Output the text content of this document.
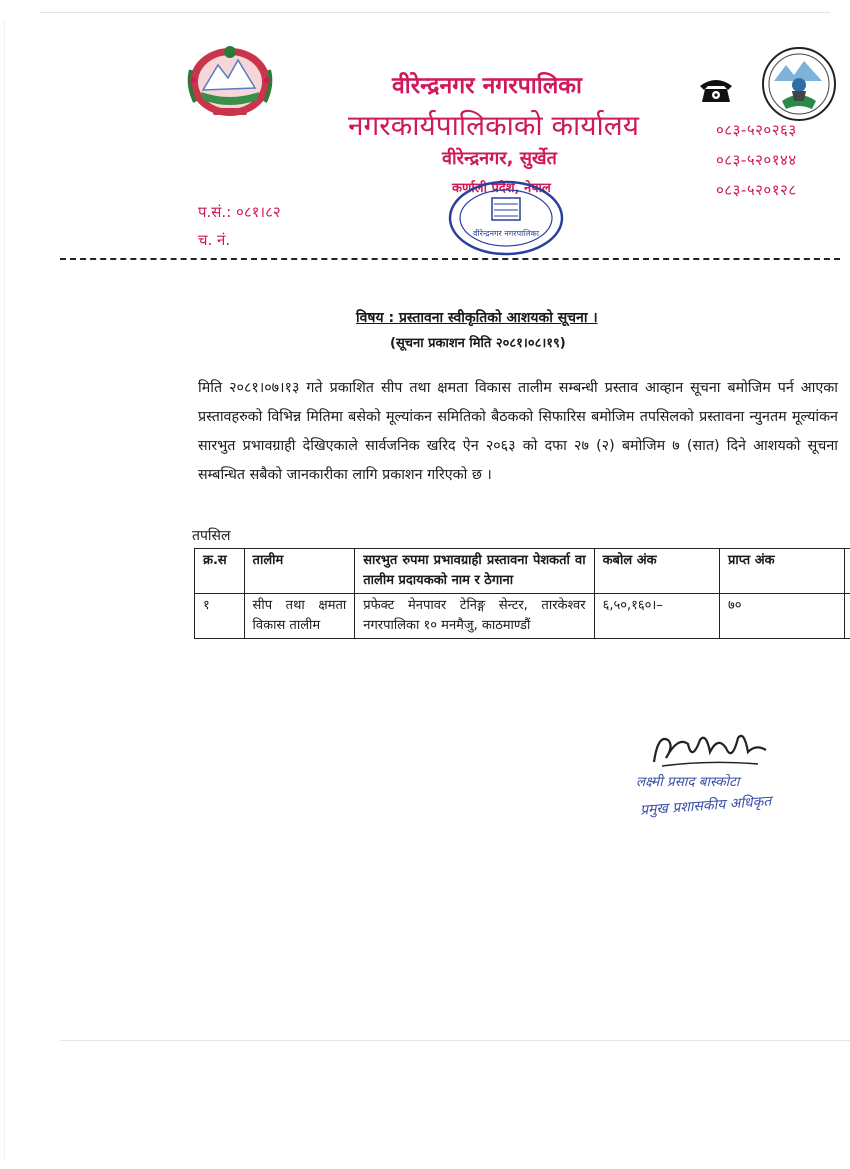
वीरेन्द्रनगर नगरपालिका
नगरकार्यपालिकाको कार्यालय
वीरेन्द्रनगर, सुर्खेत
कर्णाली प्रदेश, नेपाल
०८३-५२०२६३
०८३-५२०१४४
०८३-५२०१२८
प.सं.: ०८१।८२
च. नं.	वीरेन्द्रनगर नगरपालिका
विषय : प्रस्तावना स्वीकृतिको आशयको सूचना ।
(सूचना प्रकाशन मिति २०८१।०८।१९)
मिति २०८१।०७।१३ गते प्रकाशित सीप तथा क्षमता विकास तालीम सम्बन्धी प्रस्ताव आव्हान सूचना बमोजिम पर्न आएका प्रस्तावहरुको विभिन्न मितिमा बसेको मूल्यांकन समितिको बैठकको सिफारिस बमोजिम तपसिलको प्रस्तावना न्युनतम मूल्यांकन सारभुत प्रभावग्राही देखिएकाले सार्वजनिक खरिद ऐन २०६३ को दफा २७ (२) बमोजिम ७ (सात) दिने आशयको सूचना सम्बन्धित सबैको जानकारीका लागि प्रकाशन गरिएको छ ।
तपसिल
क्र.स	तालीम	सारभुत रुपमा प्रभावग्राही प्रस्तावना पेशकर्ता वा तालीम प्रदायकको नाम र ठेगाना	कबोल अंक	प्राप्त अंक	
१	सीप तथा क्षमता विकास तालीम	प्रफेक्ट मेनपावर टेनिङ्ग सेन्टर, तारकेश्वर नगरपालिका १० मनमैजु, काठमाण्डौं	६,५०,१६०।–	७०	
लक्ष्मी प्रसाद बास्कोटा
प्रमुख प्रशासकीय अधिकृत
